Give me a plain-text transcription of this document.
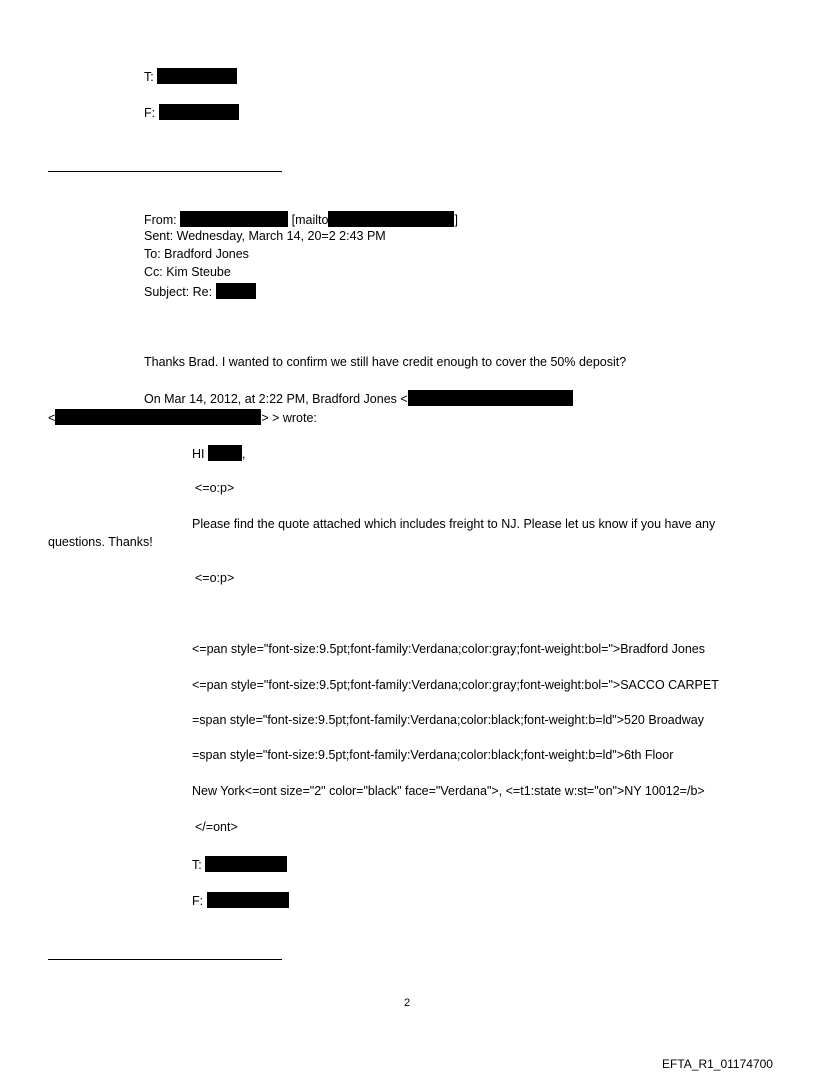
T:
F:
From:	[mailto	]
Sent: Wednesday, March 14, 20=2 2:43 PM
To: Bradford Jones
Cc: Kim Steube
Subject: Re:
Thanks Brad. I wanted to confirm we still have credit enough to cover the 50% deposit?
On Mar 14, 2012, at 2:22 PM, Bradford Jones <
<	> > wrote:
HI	,
<=o:p>
Please find the quote attached which includes freight to NJ. Please let us know if you have any
questions. Thanks!
<=o:p>
<=pan style="font-size:9.5pt;font-family:Verdana;color:gray;font-weight:bol=">Bradford Jones
<=pan style="font-size:9.5pt;font-family:Verdana;color:gray;font-weight:bol=">SACCO CARPET
=span style="font-size:9.5pt;font-family:Verdana;color:black;font-weight:b=ld">520 Broadway
=span style="font-size:9.5pt;font-family:Verdana;color:black;font-weight:b=ld">6th Floor
New York<=ont size="2" color="black" face="Verdana">, <=t1:state w:st="on">NY 10012=/b>
</=ont>
T:
F:
2
EFTA_R1_01174700
